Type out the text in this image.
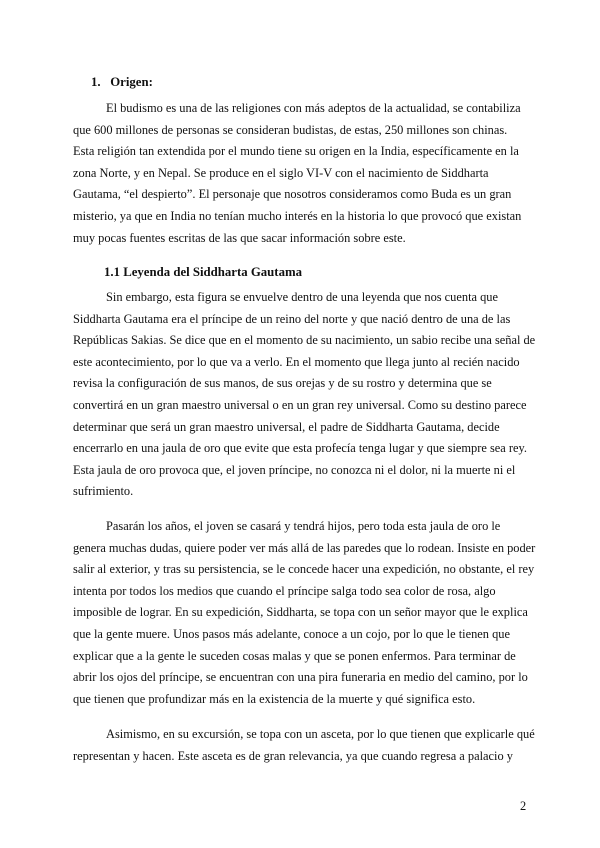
1. Origen:
El budismo es una de las religiones con más adeptos de la actualidad, se contabiliza
que 600 millones de personas se consideran budistas, de estas, 250 millones son chinas.
Esta religión tan extendida por el mundo tiene su origen en la India, específicamente en la
zona Norte, y en Nepal. Se produce en el siglo VI-V con el nacimiento de Siddharta
Gautama, “el despierto”. El personaje que nosotros consideramos como Buda es un gran
misterio, ya que en India no tenían mucho interés en la historia lo que provocó que existan
muy pocas fuentes escritas de las que sacar información sobre este.
1.1 Leyenda del Siddharta Gautama
Sin embargo, esta figura se envuelve dentro de una leyenda que nos cuenta que
Siddharta Gautama era el príncipe de un reino del norte y que nació dentro de una de las
Repúblicas Sakias. Se dice que en el momento de su nacimiento, un sabio recibe una señal de
este acontecimiento, por lo que va a verlo. En el momento que llega junto al recién nacido
revisa la configuración de sus manos, de sus orejas y de su rostro y determina que se
convertirá en un gran maestro universal o en un gran rey universal. Como su destino parece
determinar que será un gran maestro universal, el padre de Siddharta Gautama, decide
encerrarlo en una jaula de oro que evite que esta profecía tenga lugar y que siempre sea rey.
Esta jaula de oro provoca que, el joven príncipe, no conozca ni el dolor, ni la muerte ni el
sufrimiento.
Pasarán los años, el joven se casará y tendrá hijos, pero toda esta jaula de oro le
genera muchas dudas, quiere poder ver más allá de las paredes que lo rodean. Insiste en poder
salir al exterior, y tras su persistencia, se le concede hacer una expedición, no obstante, el rey
intenta por todos los medios que cuando el príncipe salga todo sea color de rosa, algo
imposible de lograr. En su expedición, Siddharta, se topa con un señor mayor que le explica
que la gente muere. Unos pasos más adelante, conoce a un cojo, por lo que le tienen que
explicar que a la gente le suceden cosas malas y que se ponen enfermos. Para terminar de
abrir los ojos del príncipe, se encuentran con una pira funeraria en medio del camino, por lo
que tienen que profundizar más en la existencia de la muerte y qué significa esto.
Asimismo, en su excursión, se topa con un asceta, por lo que tienen que explicarle qué
representan y hacen. Este asceta es de gran relevancia, ya que cuando regresa a palacio y
2
